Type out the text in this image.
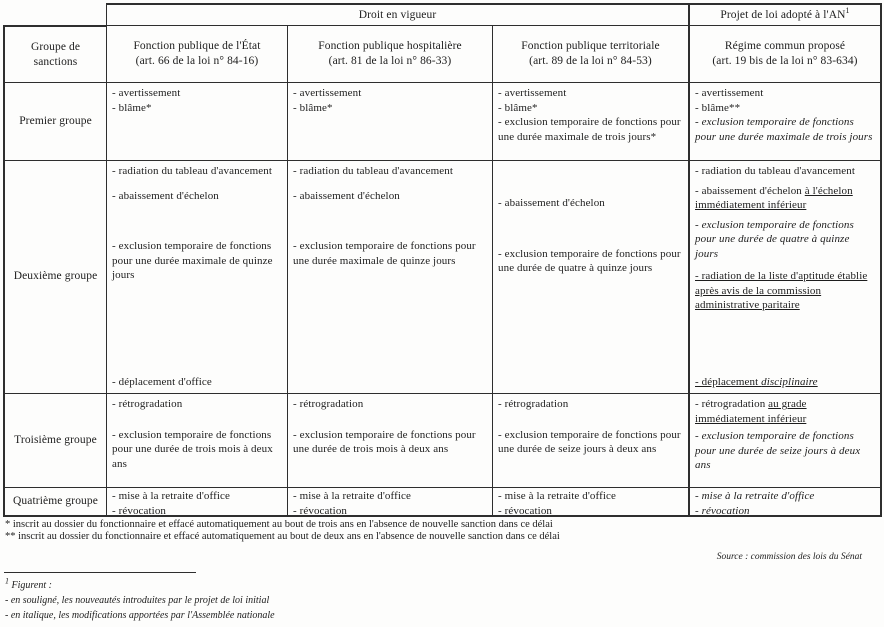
Droit en vigueur	Projet de loi adopté à $l'AN^1$
Groupe de sanctions

Fonction publique de l'État

(art. 66 de la loi n° 84-16)

Fonction publique hospitalière

(art. 81 de la loi n° 86-33)

Fonction publique territoriale

(art. 89 de la loi n° 84-53)

Régime commun proposé

(art. 19 bis de la loi n° 83-634)

Premier groupe

- avertissement

- blâme*

- avertissement

- blâme*

- avertissement

- blâme*

- exclusion temporaire de fonctions pour une durée maximale de trois jours*

- avertissement

- blâme**

- exclusion temporaire de fonctions pour une durée maximale de trois jours

Deuxième groupe

- radiation du tableau d'avancement

- abaissement d'échelon

- exclusion temporaire de fonctions pour une durée maximale de quinze jours

- déplacement d'office

- radiation du tableau d'avancement

- abaissement d'échelon

- exclusion temporaire de fonctions pour une durée maximale de quinze jours

- abaissement d'échelon

- exclusion temporaire de fonctions pour une durée de quatre à quinze jours

- radiation du tableau d'avancement

- abaissement d'échelon à l'échelon immédiatement inférieur

- exclusion temporaire de fonctions pour une durée de quatre à quinze jours

- radiation de la liste d'aptitude établie après avis de la commission administrative paritaire

- déplacement disciplinaire

Troisième groupe

- rétrogradation

- exclusion temporaire de fonctions pour une durée de trois mois à deux ans

- rétrogradation

- exclusion temporaire de fonctions pour une durée de trois mois à deux ans

- rétrogradation

- exclusion temporaire de fonctions pour une durée de seize jours à deux ans

- rétrogradation au grade immédiatement inférieur

- exclusion temporaire de fonctions pour une durée de seize jours à deux ans

Quatrième groupe	- mise à la retraite d'office

- révocation

- mise à la retraite d'office

- révocation

- mise à la retraite d'office

- révocation

- mise à la retraite d'office

- révocation

* inscrit au dossier du fonctionnaire et effacé automatiquement au bout de trois ans en l'absence de nouvelle sanction dans ce délai

** inscrit au dossier du fonctionnaire et effacé automatiquement au bout de deux ans en l'absence de nouvelle sanction dans ce délai

Source : commission des lois du Sénat

$^1$ Figurent :

- en souligné, les nouveautés introduites par le projet de loi initial

- en italique, les modifications apportées par l'Assemblée nationale
